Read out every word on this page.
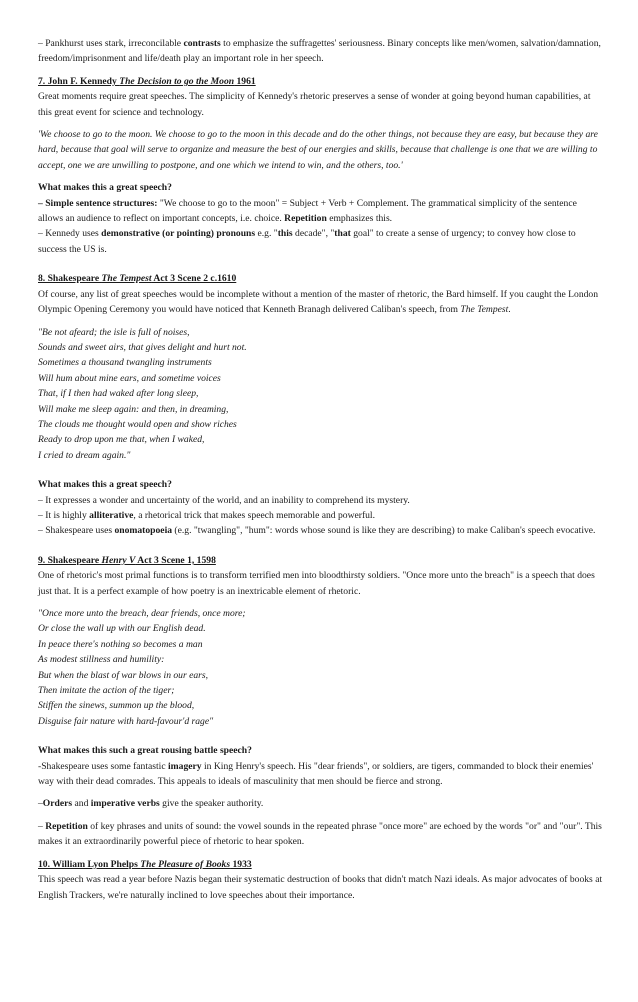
– Pankhurst uses stark, irreconcilable contrasts to emphasize the suffragettes' seriousness. Binary concepts like men/women, salvation/damnation, freedom/imprisonment and life/death play an important role in her speech.

7. John F. Kennedy The Decision to go the Moon 1961

Great moments require great speeches. The simplicity of Kennedy's rhetoric preserves a sense of wonder at going beyond human capabilities, at this great event for science and technology.

'We choose to go to the moon. We choose to go to the moon in this decade and do the other things, not because they are easy, but because they are hard, because that goal will serve to organize and measure the best of our energies and skills, because that challenge is one that we are willing to accept, one we are unwilling to postpone, and one which we intend to win, and the others, too.'

What makes this a great speech?

– Simple sentence structures: "We choose to go to the moon" = Subject + Verb + Complement. The grammatical simplicity of the sentence allows an audience to reflect on important concepts, i.e. choice. Repetition emphasizes this.

– Kennedy uses demonstrative (or pointing) pronouns e.g. "this decade", "that goal" to create a sense of urgency; to convey how close to success the US is.

8. Shakespeare The Tempest Act 3 Scene 2 c.1610

Of course, any list of great speeches would be incomplete without a mention of the master of rhetoric, the Bard himself. If you caught the London Olympic Opening Ceremony you would have noticed that Kenneth Branagh delivered Caliban's speech, from The Tempest.

"Be not afeard; the isle is full of noises,

Sounds and sweet airs, that gives delight and hurt not.

Sometimes a thousand twangling instruments

Will hum about mine ears, and sometime voices

That, if I then had waked after long sleep,

Will make me sleep again: and then, in dreaming,

The clouds me thought would open and show riches

Ready to drop upon me that, when I waked,

I cried to dream again."

What makes this a great speech?

– It expresses a wonder and uncertainty of the world, and an inability to comprehend its mystery.

– It is highly alliterative, a rhetorical trick that makes speech memorable and powerful.

– Shakespeare uses onomatopoeia (e.g. "twangling", "hum": words whose sound is like they are describing) to make Caliban's speech evocative.

9. Shakespeare Henry V Act 3 Scene 1, 1598

One of rhetoric's most primal functions is to transform terrified men into bloodthirsty soldiers. "Once more unto the breach" is a speech that does just that. It is a perfect example of how poetry is an inextricable element of rhetoric.

"Once more unto the breach, dear friends, once more;

Or close the wall up with our English dead.

In peace there's nothing so becomes a man

As modest stillness and humility:

But when the blast of war blows in our ears,

Then imitate the action of the tiger;

Stiffen the sinews, summon up the blood,

Disguise fair nature with hard-favour'd rage"

What makes this such a great rousing battle speech?

-Shakespeare uses some fantastic imagery in King Henry's speech. His "dear friends", or soldiers, are tigers, commanded to block their enemies' way with their dead comrades. This appeals to ideals of masculinity that men should be fierce and strong.

–Orders and imperative verbs give the speaker authority.

– Repetition of key phrases and units of sound: the vowel sounds in the repeated phrase "once more" are echoed by the words "or" and "our". This makes it an extraordinarily powerful piece of rhetoric to hear spoken.

10. William Lyon Phelps The Pleasure of Books 1933

This speech was read a year before Nazis began their systematic destruction of books that didn't match Nazi ideals. As major advocates of books at English Trackers, we're naturally inclined to love speeches about their importance.
